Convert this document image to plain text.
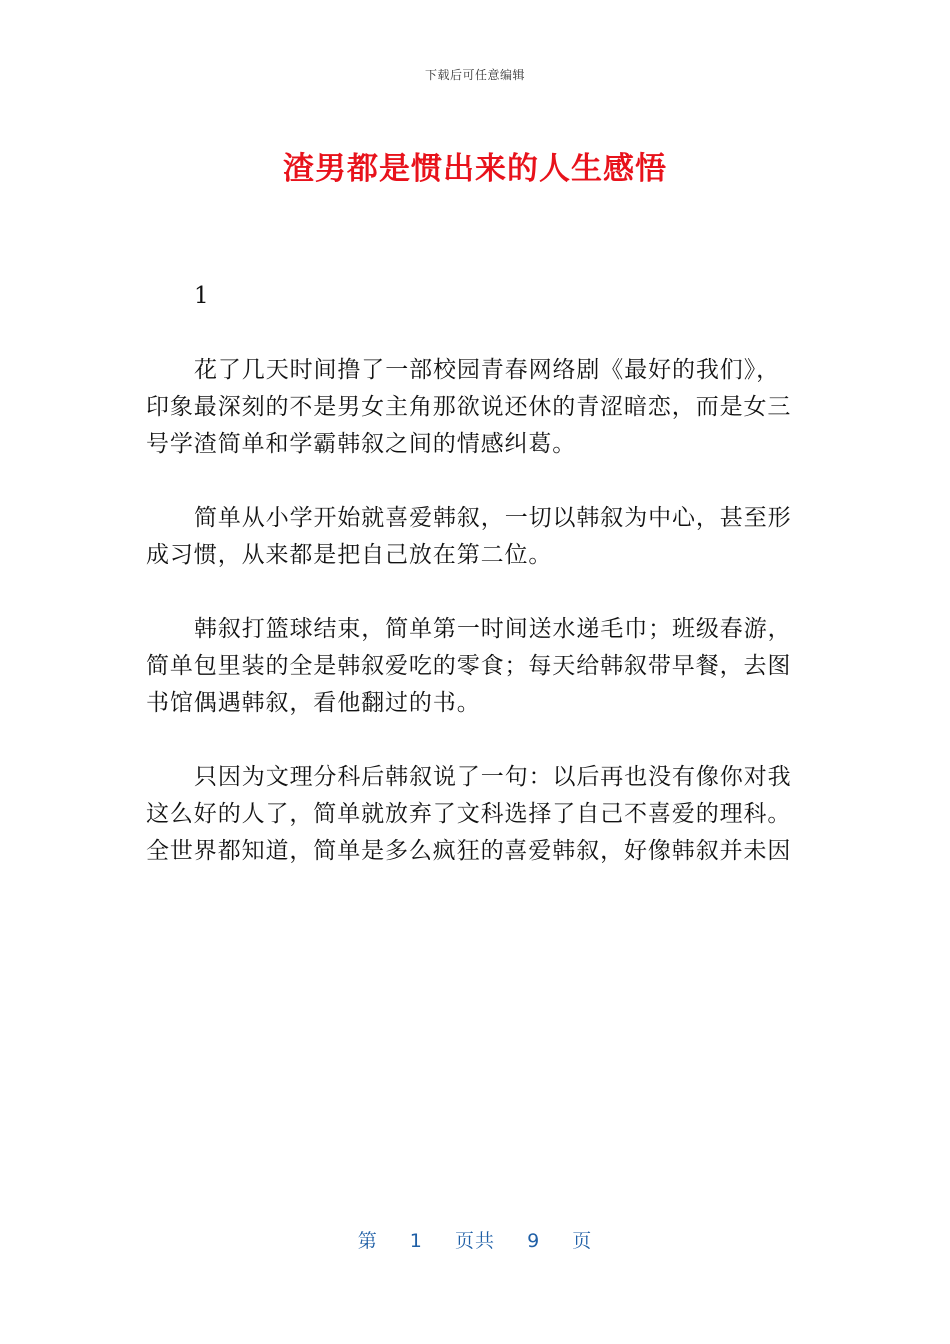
下载后可任意编辑
渣男都是惯出来的人生感悟

1

花了几天时间撸了一部校园青春网络剧《最好的我们》，印象最深刻的不是男女主角那欲说还休的青涩暗恋，而是女三号学渣简单和学霸韩叙之间的情感纠葛。

简单从小学开始就喜爱韩叙，一切以韩叙为中心，甚至形成习惯，从来都是把自己放在第二位。

韩叙打篮球结束，简单第一时间送水递毛巾；班级春游，简单包里装的全是韩叙爱吃的零食；每天给韩叙带早餐，去图书馆偶遇韩叙，看他翻过的书。

只因为文理分科后韩叙说了一句：以后再也没有像你对我这么好的人了，简单就放弃了文科选择了自己不喜爱的理科。全世界都知道，简单是多么疯狂的喜爱韩叙，好像韩叙并未因

第 1 页共 9 页
